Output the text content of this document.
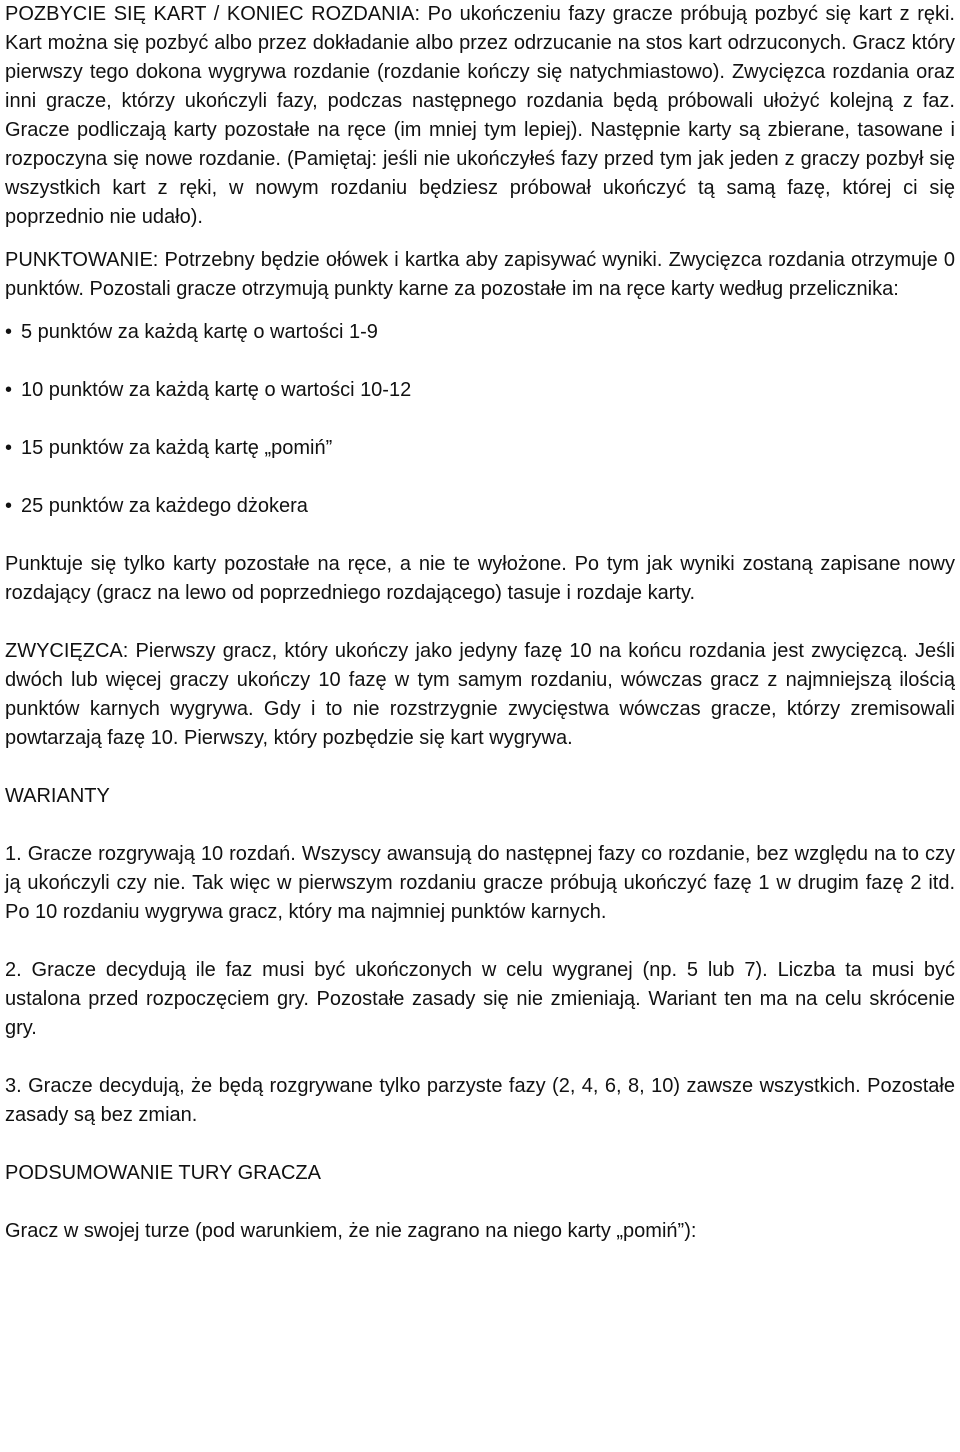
POZBYCIE SIĘ KART / KONIEC ROZDANIA: Po ukończeniu fazy gracze próbują pozbyć się kart z ręki. Kart można się pozbyć albo przez dokładanie albo przez odrzucanie na stos kart odrzuconych. Gracz który pierwszy tego dokona wygrywa rozdanie (rozdanie kończy się natychmiastowo). Zwycięzca rozdania oraz inni gracze, którzy ukończyli fazy, podczas następnego rozdania będą próbowali ułożyć kolejną z faz. Gracze podliczają karty pozostałe na ręce (im mniej tym lepiej). Następnie karty są zbierane, tasowane i rozpoczyna się nowe rozdanie. (Pamiętaj: jeśli nie ukończyłeś fazy przed tym jak jeden z graczy pozbył się wszystkich kart z ręki, w nowym rozdaniu będziesz próbował ukończyć tą samą fazę, której ci się poprzednio nie udało).

PUNKTOWANIE: Potrzebny będzie ołówek i kartka aby zapisywać wyniki. Zwycięzca rozdania otrzymuje 0 punktów. Pozostali gracze otrzymują punkty karne za pozostałe im na ręce karty według przelicznika:

• 5 punktów za każdą kartę o wartości 1-9
• 10 punktów za każdą kartę o wartości 10-12
• 15 punktów za każdą kartę „pomiń”
• 25 punktów za każdego dżokera

Punktuje się tylko karty pozostałe na ręce, a nie te wyłożone. Po tym jak wyniki zostaną zapisane nowy rozdający (gracz na lewo od poprzedniego rozdającego) tasuje i rozdaje karty.

ZWYCIĘZCA: Pierwszy gracz, który ukończy jako jedyny fazę 10 na końcu rozdania jest zwycięzcą. Jeśli dwóch lub więcej graczy ukończy 10 fazę w tym samym rozdaniu, wówczas gracz z najmniejszą ilością punktów karnych wygrywa. Gdy i to nie rozstrzygnie zwycięstwa wówczas gracze, którzy zremisowali powtarzają fazę 10. Pierwszy, który pozbędzie się kart wygrywa.

WARIANTY

1. Gracze rozgrywają 10 rozdań. Wszyscy awansują do następnej fazy co rozdanie, bez względu na to czy ją ukończyli czy nie. Tak więc w pierwszym rozdaniu gracze próbują ukończyć fazę 1 w drugim fazę 2 itd. Po 10 rozdaniu wygrywa gracz, który ma najmniej punktów karnych.

2. Gracze decydują ile faz musi być ukończonych w celu wygranej (np. 5 lub 7). Liczba ta musi być ustalona przed rozpoczęciem gry. Pozostałe zasady się nie zmieniają. Wariant ten ma na celu skrócenie gry.

3. Gracze decydują, że będą rozgrywane tylko parzyste fazy (2, 4, 6, 8, 10) zawsze wszystkich. Pozostałe zasady są bez zmian.

PODSUMOWANIE TURY GRACZA

Gracz w swojej turze (pod warunkiem, że nie zagrano na niego karty „pomiń”):
